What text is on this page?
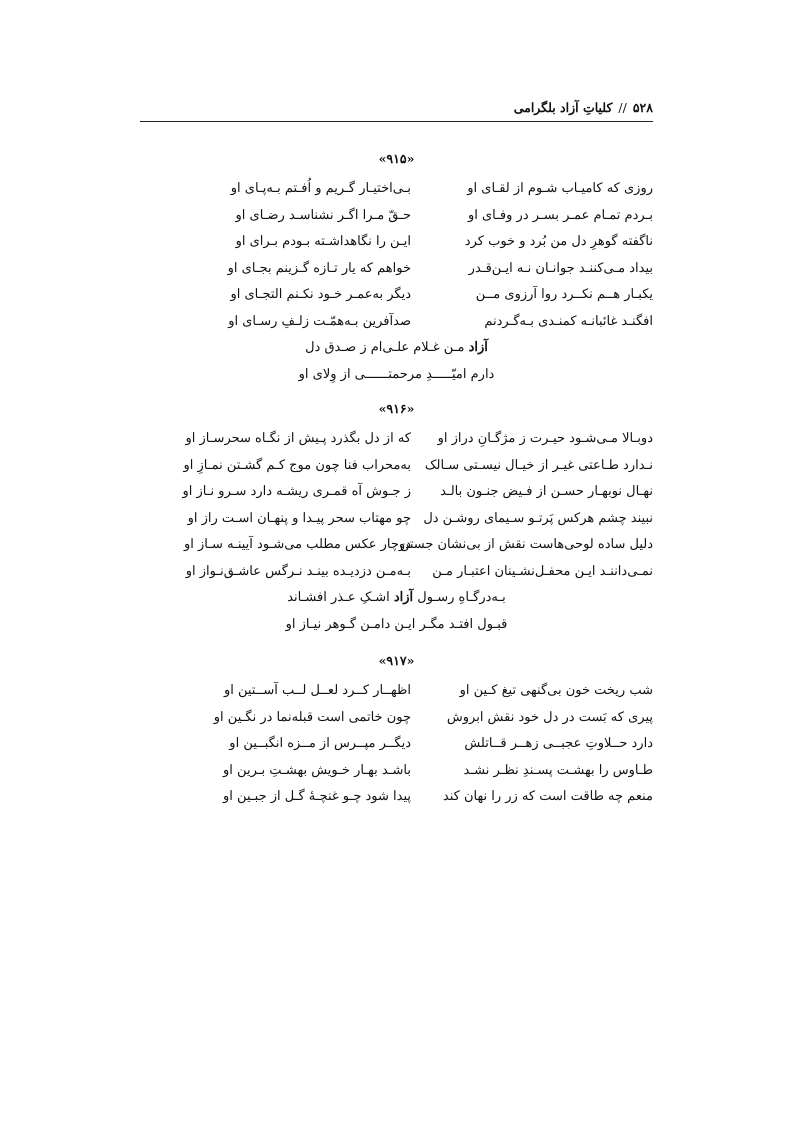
۵۲۸
//
کلیاتِ آزاد بلگرامی
«۹۱۵»
روزی که کامیـاب شـوم از لقـای او
بـی‌اختیـار گـریم و اُفـتم بـه‌پـای او
بـردم تمـام عمـر بسـر در وفـای او
حـقّ مـرا اگـر نشناسـد رضـای او
ناگفته گوهرِ دل من بُرد و خوب کرد
ایـن را نگاهداشـته بـودم بـرای او
بیداد مـی‌کننـد جوانـان نـه ایـن‌قـدر
خواهم که یار تـازه گـزینم بجـای او
یکبـار هــم نکــرد روا آرزوی مــن
دیگر به‌عمـر خـود نکـنم التجـای او
افگنـد غائبانـه کمنـدی بـه‌گـردنم
صدآفرین بـه‌همّـت زلـفِ رسـای او
آزاد مـن غـلام علـی‌ام ز صـدق دل
دارم امیّـــــدِ مرحمتــــــی از وِلای او
«۹۱۶»
دوبـالا مـی‌شـود حیـرت ز مژگـانِ دراز او
که از دل بگذرد پـیش از نگـاه سحرسـاز او
نـدارد طـاعتی غیـر از خیـال نیسـتی سـالک
به‌محراب فنا چون موج کـم گشـتن نمـازِ او
نهـال نوبهـار حسـن از فـیض جنـون بالـد
ز جـوش آه قمـری ریشـه دارد سـرو نـاز او
نبیند چشم هرکس پَرتـو سـیمای روشـن دل
چو مهتاب سحر پیـدا و پنهـان اسـت راز او
دلیل ساده لوحی‌هاست نقش از بی‌نشان جستن
دوچار عکس مطلب می‌شـود آیینـه سـاز او
نمـی‌داننـد ایـن محفـل‌نشـینان اعتبـار مـن
بـه‌مـن دزدیـده بینـد نـرگس عاشـق‌نـواز او
بـه‌درگـاهِ رسـول آزاد اشـکِ عـذر افشـاند
قبـول افتـد مگـر ایـن دامـن گـوهر نیـاز او
«۹۱۷»
شب ریخت خون بی‌گنهی تیغ کـین او
اظهــار کــرد لعــل لــب آســتین او
پیری که بَست در دل خود نقش ابروش
چون خاتمی است قبله‌نما در نگـین او
دارد حــلاوتِ عجبــی زهــر قــاتلش
دیگــر مپــرس از مــزه انگبــین او
طـاوس را بهشـت پسـندِ نظـر نشـد
باشـد بهـار خـویش بهشـتِ بـرین او
منعم چه طاقت است که زر را نهان کند
پیدا شود چـو غنچـهٔ گـل از جبـین او
